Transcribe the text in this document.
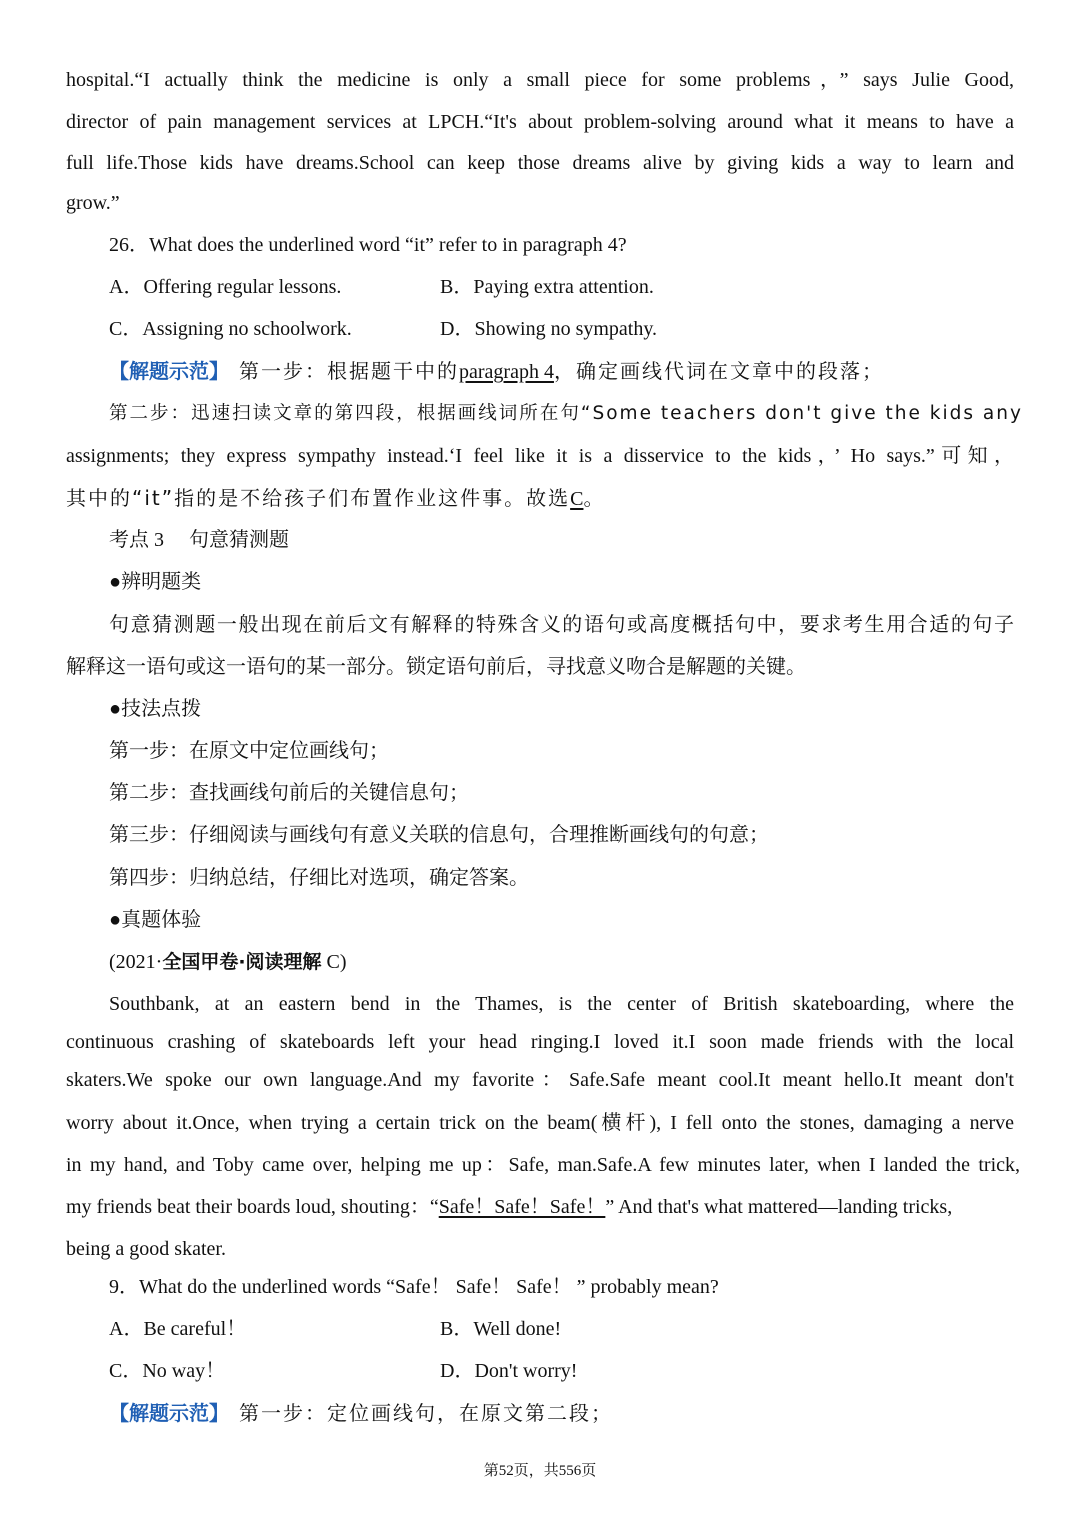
hospital.“I actually think the medicine is only a small piece for some problems，” says Julie Good,
director of pain management services at LPCH.“It's about problem-solving around what it means to have a
full life.Those kids have dreams.School can keep those dreams alive by giving kids a way to learn and
grow.”
26．What does the underlined word “it” refer to in paragraph 4?
A．Offering regular lessons.	B．Paying extra attention.
C．Assigning no schoolwork.	D．Showing no sympathy.
【解题示范】 第一步：根据题干中的paragraph 4，确定画线代词在文章中的段落；
第二步：迅速扫读文章的第四段，根据画线词所在句“Some teachers don't give the kids any
assignments; they express sympathy instead.‘I feel like it is a disservice to the kids，’ Ho says.”可知，
其中的“it”指的是不给孩子们布置作业这件事。故选C。
考点 3　 句意猜测题
●辨明题类
句意猜测题一般出现在前后文有解释的特殊含义的语句或高度概括句中，要求考生用合适的句子
解释这一语句或这一语句的某一部分。锁定语句前后，寻找意义吻合是解题的关键。
●技法点拨
第一步：在原文中定位画线句；
第二步：查找画线句前后的关键信息句；
第三步：仔细阅读与画线句有意义关联的信息句，合理推断画线句的句意；
第四步：归纳总结，仔细比对选项，确定答案。
●真题体验
(2021·全国甲卷·阅读理解 C)
Southbank, at an eastern bend in the Thames, is the center of British skateboarding, where the
continuous crashing of skateboards left your head ringing.I loved it.I soon made friends with the local
skaters.We spoke our own language.And my favorite：Safe.Safe meant cool.It meant hello.It meant don't
worry about it.Once, when trying a certain trick on the beam(横杆), I fell onto the stones, damaging a nerve
in my hand, and Toby came over, helping me up：Safe, man.Safe.A few minutes later, when I landed the trick,
my friends beat their boards loud, shouting：“Safe！Safe！Safe！” And that's what mattered—landing tricks,
being a good skater.
9．What do the underlined words “Safe！ Safe！ Safe！ ” probably mean?
A．Be careful！	B．Well done!
C．No way！	D．Don't worry!
【解题示范】 第一步：定位画线句，在原文第二段；
第52页，共556页
